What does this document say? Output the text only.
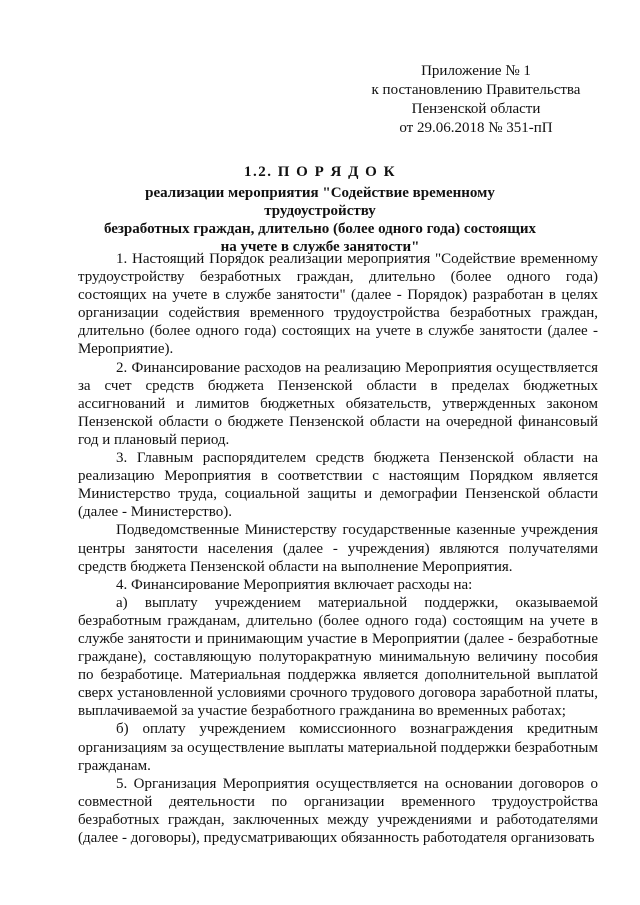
Приложение № 1
к постановлению Правительства
Пензенской области
от 29.06.2018 № 351-пП
1.2. П О Р Я Д О К
реализации мероприятия "Содействие временному трудоустройству
безработных граждан, длительно (более одного года) состоящих
на учете в службе занятости"

1. Настоящий Порядок реализации мероприятия "Содействие временному трудоустройству безработных граждан, длительно (более одного года) состоящих на учете в службе занятости" (далее - Порядок) разработан в целях организации содействия временного трудоустройства безработных граждан, длительно (более одного года) состоящих на учете в службе занятости (далее - Мероприятие).

2. Финансирование расходов на реализацию Мероприятия осуществляется за счет средств бюджета Пензенской области в пределах бюджетных ассигнований и лимитов бюджетных обязательств, утвержденных законом Пензенской области о бюджете Пензенской области на очередной финансовый год и плановый период.

3. Главным распорядителем средств бюджета Пензенской области на реализацию Мероприятия в соответствии с настоящим Порядком является Министерство труда, социальной защиты и демографии Пензенской области (далее - Министерство).

Подведомственные Министерству государственные казенные учреждения центры занятости населения (далее - учреждения) являются получателями средств бюджета Пензенской области на выполнение Мероприятия.

4. Финансирование Мероприятия включает расходы на:

а) выплату учреждением материальной поддержки, оказываемой безработным гражданам, длительно (более одного года) состоящим на учете в службе занятости и принимающим участие в Мероприятии (далее - безработные граждане), составляющую полуторакратную минимальную величину пособия по безработице. Материальная поддержка является дополнительной выплатой сверх установленной условиями срочного трудового договора заработной платы, выплачиваемой за участие безработного гражданина во временных работах;

б) оплату учреждением комиссионного вознаграждения кредитным организациям за осуществление выплаты материальной поддержки безработным гражданам.

5. Организация Мероприятия осуществляется на основании договоров о совместной деятельности по организации временного трудоустройства безработных граждан, заключенных между учреждениями и работодателями (далее - договоры), предусматривающих обязанность работодателя организовать
